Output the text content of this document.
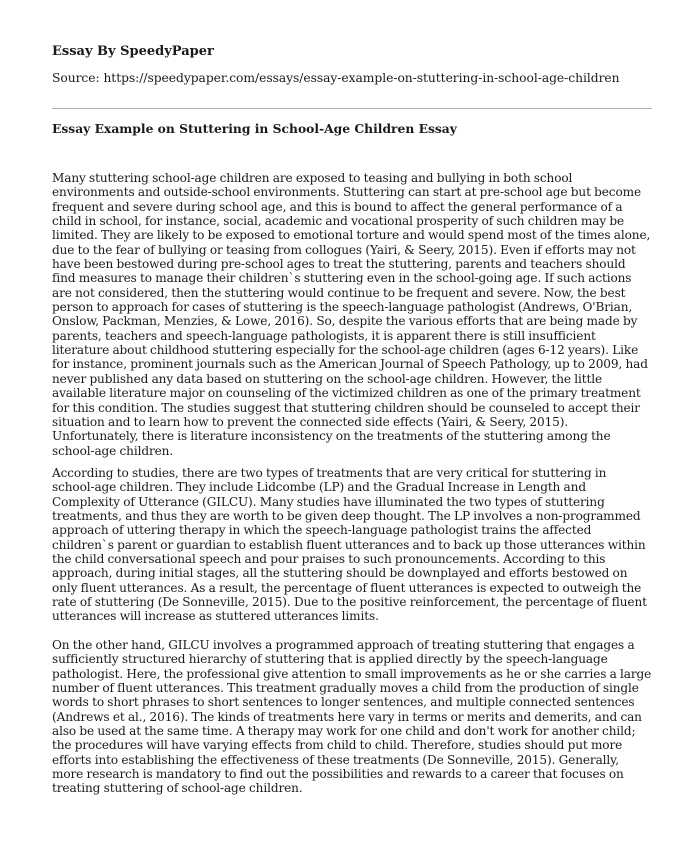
Essay By SpeedyPaper

Source: https://speedypaper.com/essays/essay-example-on-stuttering-in-school-age-children

Essay Example on Stuttering in School-Age Children Essay

Many stuttering school-age children are exposed to teasing and bullying in both school environments and outside-school environments. Stuttering can start at pre-school age but become frequent and severe during school age, and this is bound to affect the general performance of a child in school, for instance, social, academic and vocational prosperity of such children may be limited. They are likely to be exposed to emotional torture and would spend most of the times alone, due to the fear of bullying or teasing from collogues (Yairi, & Seery, 2015). Even if efforts may not have been bestowed during pre-school ages to treat the stuttering, parents and teachers should find measures to manage their children`s stuttering even in the school-going age. If such actions are not considered, then the stuttering would continue to be frequent and severe. Now, the best person to approach for cases of stuttering is the speech-language pathologist (Andrews, O'Brian, Onslow, Packman, Menzies, & Lowe, 2016). So, despite the various efforts that are being made by parents, teachers and speech-language pathologists, it is apparent there is still insufficient literature about childhood stuttering especially for the school-age children (ages 6-12 years). Like for instance, prominent journals such as the American Journal of Speech Pathology, up to 2009, had never published any data based on stuttering on the school-age children. However, the little available literature major on counseling of the victimized children as one of the primary treatment for this condition. The studies suggest that stuttering children should be counseled to accept their situation and to learn how to prevent the connected side effects (Yairi, & Seery, 2015). Unfortunately, there is literature inconsistency on the treatments of the stuttering among the school-age children.

According to studies, there are two types of treatments that are very critical for stuttering in school-age children. They include Lidcombe (LP) and the Gradual Increase in Length and Complexity of Utterance (GILCU). Many studies have illuminated the two types of stuttering treatments, and thus they are worth to be given deep thought. The LP involves a non-programmed approach of uttering therapy in which the speech-language pathologist trains the affected children`s parent or guardian to establish fluent utterances and to back up those utterances within the child conversational speech and pour praises to such pronouncements. According to this approach, during initial stages, all the stuttering should be downplayed and efforts bestowed on only fluent utterances. As a result, the percentage of fluent utterances is expected to outweigh the rate of stuttering (De Sonneville, 2015). Due to the positive reinforcement, the percentage of fluent utterances will increase as stuttered utterances limits.

On the other hand, GILCU involves a programmed approach of treating stuttering that engages a sufficiently structured hierarchy of stuttering that is applied directly by the speech-language pathologist. Here, the professional give attention to small improvements as he or she carries a large number of fluent utterances. This treatment gradually moves a child from the production of single words to short phrases to short sentences to longer sentences, and multiple connected sentences (Andrews et al., 2016). The kinds of treatments here vary in terms or merits and demerits, and can also be used at the same time. A therapy may work for one child and don't work for another child; the procedures will have varying effects from child to child. Therefore, studies should put more efforts into establishing the effectiveness of these treatments (De Sonneville, 2015). Generally, more research is mandatory to find out the possibilities and rewards to a career that focuses on treating stuttering of school-age children.
